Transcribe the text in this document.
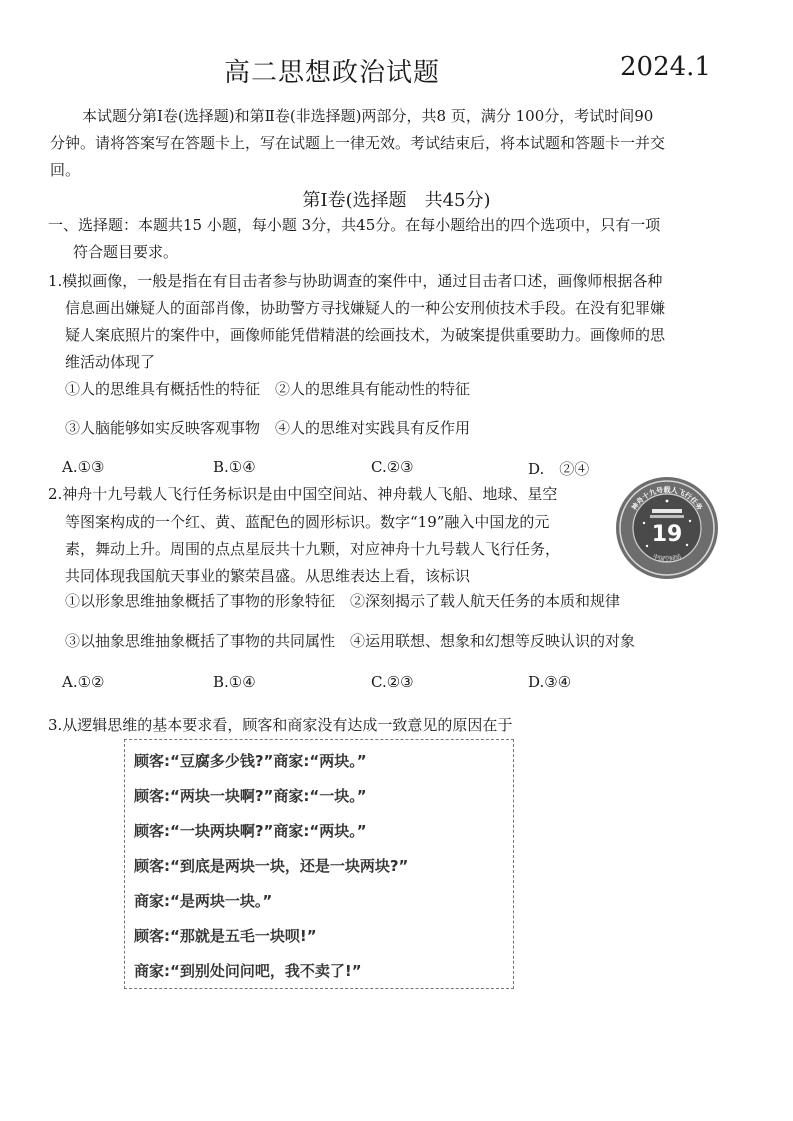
高二思想政治试题	2024.1
本试题分第Ⅰ卷(选择题)和第Ⅱ卷(非选择题)两部分，共8 页，满分 100分，考试时间90
分钟。请将答案写在答题卡上，写在试题上一律无效。考试结束后，将本试题和答题卡一并交
回。
第Ⅰ卷(选择题　共45分)
一、选择题：本题共15 小题，每小题 3分，共45分。在每小题给出的四个选项中，只有一项
符合题目要求。
1.模拟画像，一般是指在有目击者参与协助调查的案件中，通过目击者口述，画像师根据各种
信息画出嫌疑人的面部肖像，协助警方寻找嫌疑人的一种公安刑侦技术手段。在没有犯罪嫌
疑人案底照片的案件中，画像师能凭借精湛的绘画技术，为破案提供重要助力。画像师的思
维活动体现了
①人的思维具有概括性的特征　②人的思维具有能动性的特征
③人脑能够如实反映客观事物　④人的思维对实践具有反作用
A.①③	B.①④	C.②③	D.　②④
2.神舟十九号载人飞行任务标识是由中国空间站、神舟载人飞船、地球、星空
等图案构成的一个红、黄、蓝配色的圆形标识。数字“19”融入中国龙的元
素，舞动上升。周围的点点星辰共十九颗，对应神舟十九号载人飞行任务，
共同体现我国航天事业的繁荣昌盛。从思维表达上看，该标识
神舟十九号载人飞行任务
中国空间站
19
①以形象思维抽象概括了事物的形象特征　②深刻揭示了载人航天任务的本质和规律
③以抽象思维抽象概括了事物的共同属性　④运用联想、想象和幻想等反映认识的对象
A.①②	B.①④	C.②③	D.③④
3.从逻辑思维的基本要求看，顾客和商家没有达成一致意见的原因在于
顾客:“豆腐多少钱?”商家:“两块。”
顾客:“两块一块啊?”商家:“一块。”
顾客:“一块两块啊?”商家:“两块。”
顾客:“到底是两块一块，还是一块两块?”
商家:“是两块一块。”
顾客:“那就是五毛一块呗!”
商家:“到别处问问吧，我不卖了!”
